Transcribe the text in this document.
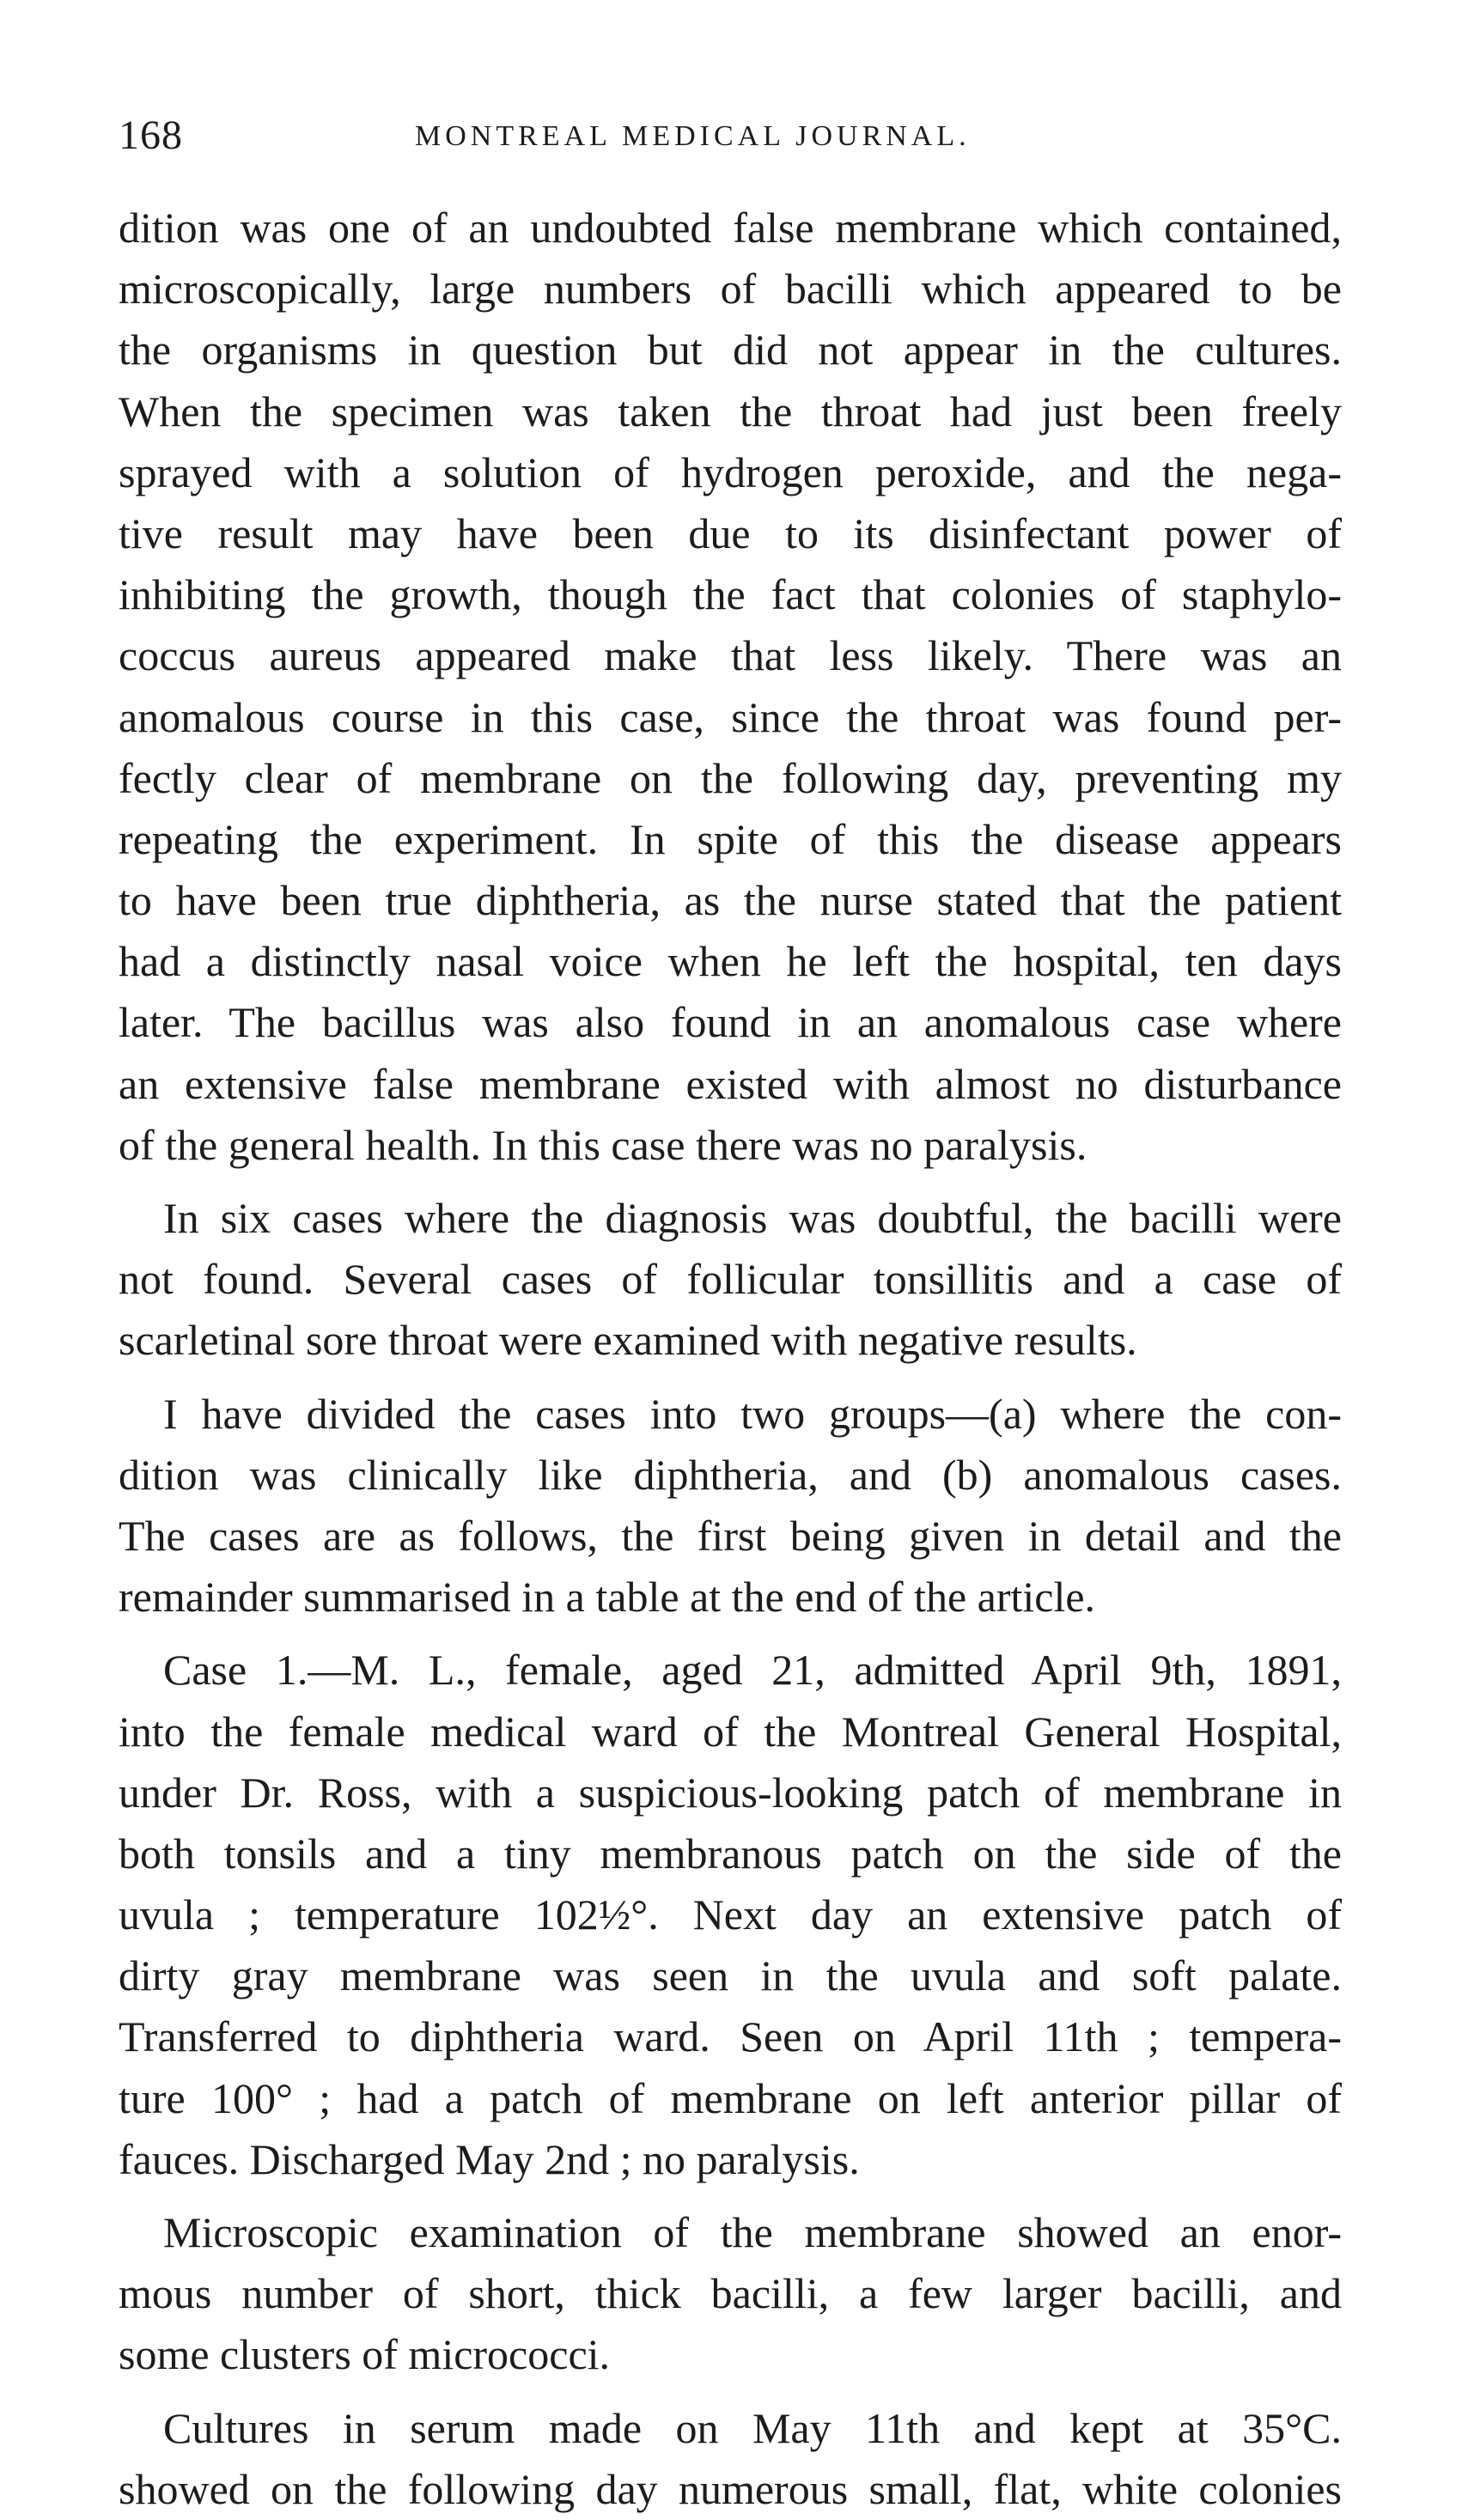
168	MONTREAL MEDICAL JOURNAL.
dition was one of an undoubted false membrane which contained,
microscopically, large numbers of bacilli which appeared to be
the organisms in question but did not appear in the cultures.
When the specimen was taken the throat had just been freely
sprayed with a solution of hydrogen peroxide, and the nega-
tive result may have been due to its disinfectant power of
inhibiting the growth, though the fact that colonies of staphylo-
coccus aureus appeared make that less likely. There was an
anomalous course in this case, since the throat was found per-
fectly clear of membrane on the following day, preventing my
repeating the experiment. In spite of this the disease appears
to have been true diphtheria, as the nurse stated that the patient
had a distinctly nasal voice when he left the hospital, ten days
later. The bacillus was also found in an anomalous case where
an extensive false membrane existed with almost no disturbance
of the general health. In this case there was no paralysis.
In six cases where the diagnosis was doubtful, the bacilli were
not found. Several cases of follicular tonsillitis and a case of
scarletinal sore throat were examined with negative results.
I have divided the cases into two groups—(a) where the con-
dition was clinically like diphtheria, and (b) anomalous cases.
The cases are as follows, the first being given in detail and the
remainder summarised in a table at the end of the article.
Case 1.—M. L., female, aged 21, admitted April 9th, 1891,
into the female medical ward of the Montreal General Hospital,
under Dr. Ross, with a suspicious-looking patch of membrane in
both tonsils and a tiny membranous patch on the side of the
uvula ; temperature 102½°. Next day an extensive patch of
dirty gray membrane was seen in the uvula and soft palate.
Transferred to diphtheria ward. Seen on April 11th ; tempera-
ture 100° ; had a patch of membrane on left anterior pillar of
fauces. Discharged May 2nd ; no paralysis.
Microscopic examination of the membrane showed an enor-
mous number of short, thick bacilli, a few larger bacilli, and
some clusters of micrococci.
Cultures in serum made on May 11th and kept at 35°C.
showed on the following day numerous small, flat, white colonies
